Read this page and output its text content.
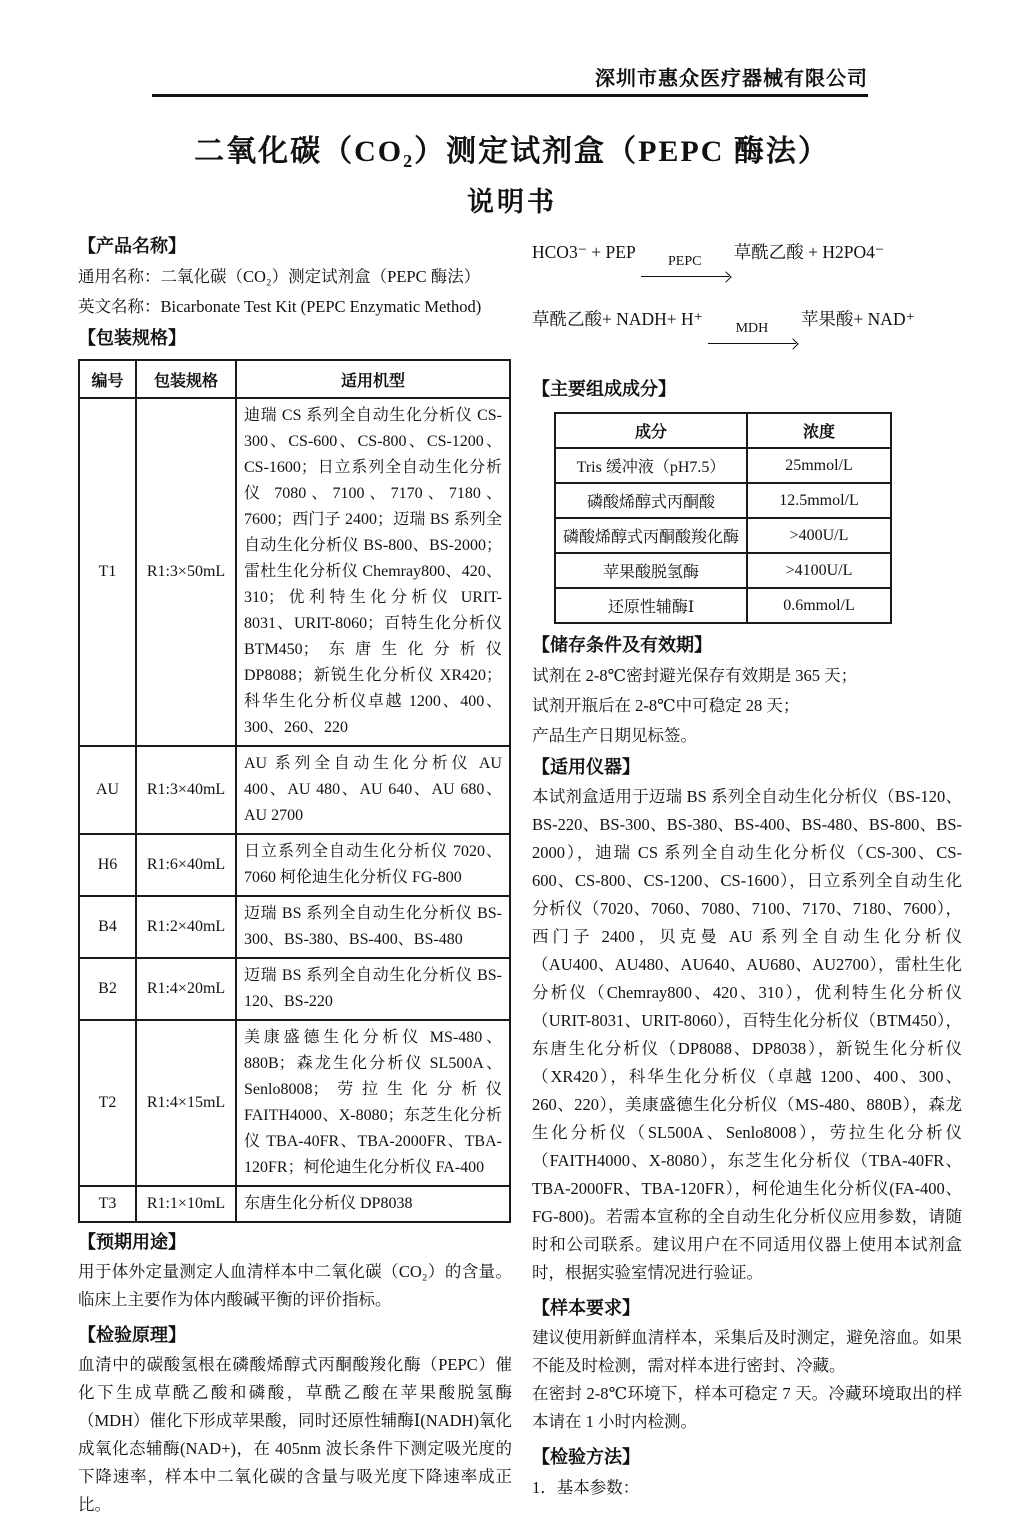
深圳市惠众医疗器械有限公司
二氧化碳（CO₂）测定试剂盒（PEPC 酶法）
说明书
【产品名称】

通用名称：二氧化碳（CO₂）测定试剂盒（PEPC 酶法）

英文名称：Bicarbonate Test Kit (PEPC Enzymatic Method)

【包装规格】
编号	包装规格	适用机型
T1	R1:3×50mL	迪瑞 CS 系列全自动生化分析仪 CS-300、CS-600、CS-800、CS-1200、CS-1600；日立系列全自动生化分析仪 7080、7100、7170、7180、7600；西门子 2400；迈瑞 BS 系列全自动生化分析仪 BS-800、BS-2000；雷杜生化分析仪 Chemray800、420、310；优利特生化分析仪 URIT-8031、URIT-8060；百特生化分析仪 BTM450；东唐生化分析仪 DP8088；新锐生化分析仪 XR420；科华生化分析仪卓越 1200、400、300、260、220
AU	R1:3×40mL	AU 系列全自动生化分析仪 AU 400、AU 480、AU 640、AU 680、AU 2700
H6	R1:6×40mL	日立系列全自动生化分析仪 7020、7060 柯伦迪生化分析仪 FG-800
B4	R1:2×40mL	迈瑞 BS 系列全自动生化分析仪 BS-300、BS-380、BS-400、BS-480
B2	R1:4×20mL	迈瑞 BS 系列全自动生化分析仪 BS-120、BS-220
T2	R1:4×15mL	美康盛德生化分析仪 MS-480、880B；森龙生化分析仪 SL500A、Senlo8008；劳拉生化分析仪 FAITH4000、X-8080；东芝生化分析仪 TBA-40FR、TBA-2000FR、TBA-120FR；柯伦迪生化分析仪 FA-400
T3	R1:1×10mL	东唐生化分析仪 DP8038
【预期用途】

用于体外定量测定人血清样本中二氧化碳（CO₂）的含量。临床上主要作为体内酸碱平衡的评价指标。

【检验原理】

血清中的碳酸氢根在磷酸烯醇式丙酮酸羧化酶（PEPC）催化下生成草酰乙酸和磷酸，草酰乙酸在苹果酸脱氢酶（MDH）催化下形成苹果酸，同时还原性辅酶Ⅰ(NADH)氧化成氧化态辅酶(NAD+)，在 405nm 波长条件下测定吸光度的下降速率，样本中二氧化碳的含量与吸光度下降速率成正比。

HCO3⁻ + PEP PEPC 草酰乙酸 + H2PO4⁻
草酰乙酸+ NADH+ H⁺ MDH 苹果酸+ NAD⁺
【主要组成成分】
成分	浓度
Tris 缓冲液（pH7.5）	25mmol/L
磷酸烯醇式丙酮酸	12.5mmol/L
磷酸烯醇式丙酮酸羧化酶	>400U/L
苹果酸脱氢酶	>4100U/L
还原性辅酶Ⅰ	0.6mmol/L
【储存条件及有效期】

试剂在 2-8℃密封避光保存有效期是 365 天；

试剂开瓶后在 2-8℃中可稳定 28 天；

产品生产日期见标签。

【适用仪器】

本试剂盒适用于迈瑞 BS 系列全自动生化分析仪（BS-120、BS-220、BS-300、BS-380、BS-400、BS-480、BS-800、BS-2000），迪瑞 CS 系列全自动生化分析仪（CS-300、CS-600、CS-800、CS-1200、CS-1600），日立系列全自动生化分析仪（7020、7060、7080、7100、7170、7180、7600），西门子 2400，贝克曼 AU 系列全自动生化分析仪（AU400、AU480、AU640、AU680、AU2700），雷杜生化分析仪（Chemray800、420、310），优利特生化分析仪（URIT-8031、URIT-8060），百特生化分析仪（BTM450），东唐生化分析仪（DP8088、DP8038），新锐生化分析仪（XR420），科华生化分析仪（卓越 1200、400、300、260、220），美康盛德生化分析仪（MS-480、880B），森龙生化分析仪（SL500A、Senlo8008），劳拉生化分析仪（FAITH4000、X-8080），东芝生化分析仪（TBA-40FR、TBA-2000FR、TBA-120FR），柯伦迪生化分析仪(FA-400、FG-800)。若需本宣称的全自动生化分析仪应用参数，请随时和公司联系。建议用户在不同适用仪器上使用本试剂盒时，根据实验室情况进行验证。

【样本要求】

建议使用新鲜血清样本，采集后及时测定，避免溶血。如果不能及时检测，需对样本进行密封、冷藏。

在密封 2-8℃环境下，样本可稳定 7 天。冷藏环境取出的样本请在 1 小时内检测。

【检验方法】

1．基本参数：
